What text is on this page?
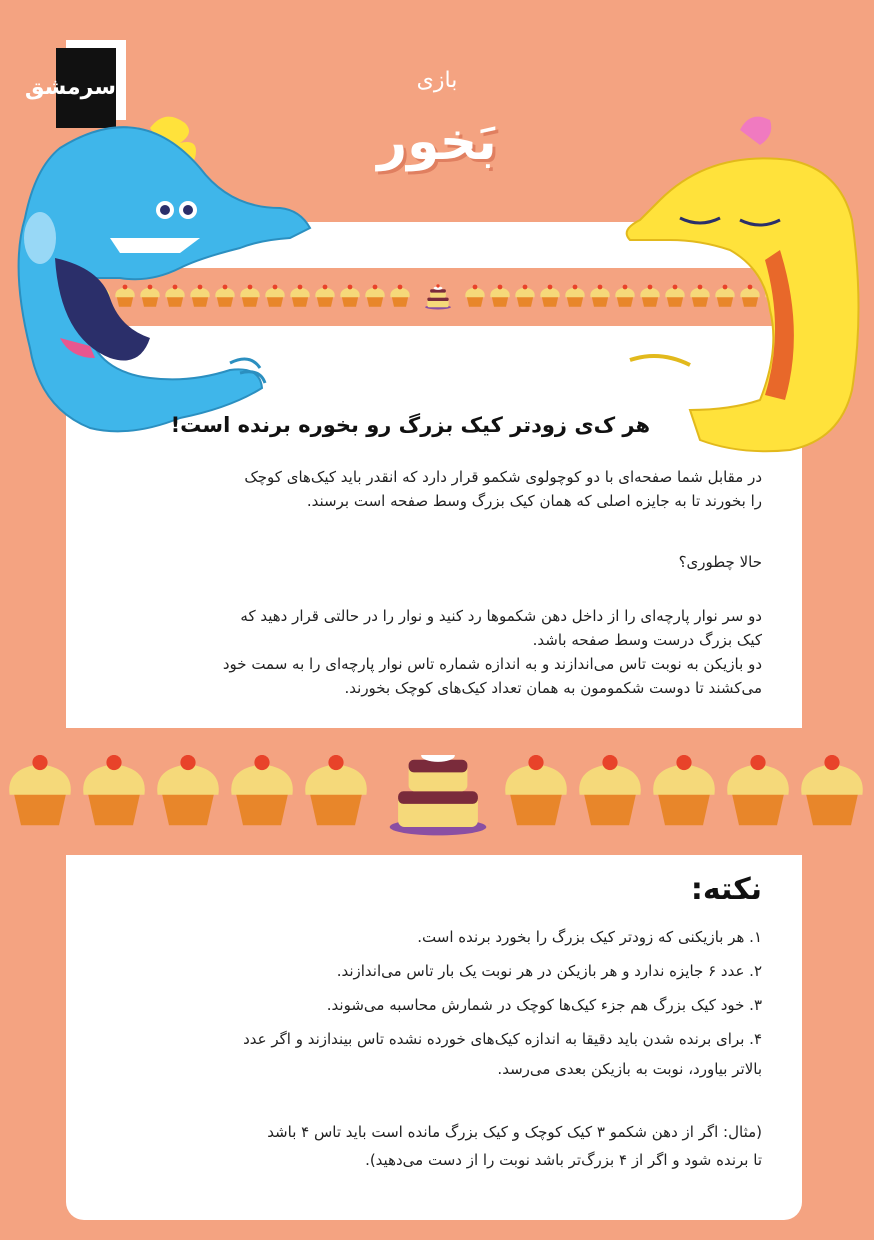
سرمشق	بازی
بَخور
هر ک‌ی زودتر کیک بزرگ رو بخوره برنده است!
در مقابل شما صفحه‌ای با دو کوچولوی شکمو قرار دارد که انقدر باید کیک‌های کوچک
را بخورند تا به جایزه اصلی که همان کیک بزرگ وسط صفحه است برسند.
حالا چطوری؟
دو سر نوار پارچه‌ای را از داخل دهن شکموها رد کنید و نوار را در حالتی قرار دهید که
کیک بزرگ درست وسط صفحه باشد.
دو بازیکن به نوبت تاس می‌اندازند و به اندازه شماره تاس نوار پارچه‌ای را به سمت خود
می‌کشند تا دوست شکمومون به همان تعداد کیک‌های کوچک بخورند.
نکته:
۱. هر بازیکنی که زودتر کیک بزرگ را بخورد برنده است.
۲. عدد ۶ جایزه ندارد و هر بازیکن در هر نوبت یک بار تاس می‌اندازند.
۳. خود کیک بزرگ هم جزء کیک‌ها کوچک در شمارش محاسبه می‌شوند.
۴. برای برنده شدن باید دقیقا به اندازه کیک‌های خورده نشده تاس بیندازند و اگر عدد
بالاتر بیاورد، نوبت به بازیکن بعدی می‌رسد.
(مثال: اگر از دهن شکمو ۳ کیک کوچک و کیک بزرگ مانده است باید تاس ۴ باشد
تا برنده شود و اگر از ۴ بزرگ‌تر باشد نوبت را از دست می‌دهید).
